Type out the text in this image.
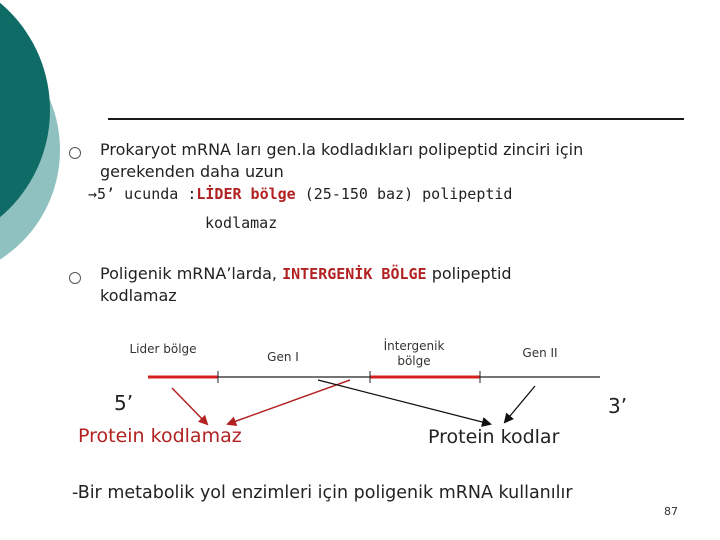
Prokaryot mRNA ları gen.la kodladıkları polipeptid zinciri için
gerekenden daha uzun
→5’ ucunda :LİDER bölge (25-150 baz) polipeptid
kodlamaz
Poligenik mRNA’larda, INTERGENİK BÖLGE polipeptid
kodlamaz
Lider bölge
Gen I
İntergenik bölge
Gen II
5’	3’
Protein kodlamaz	Protein kodlar
-Bir metabolik yol enzimleri için poligenik mRNA kullanılır
87
